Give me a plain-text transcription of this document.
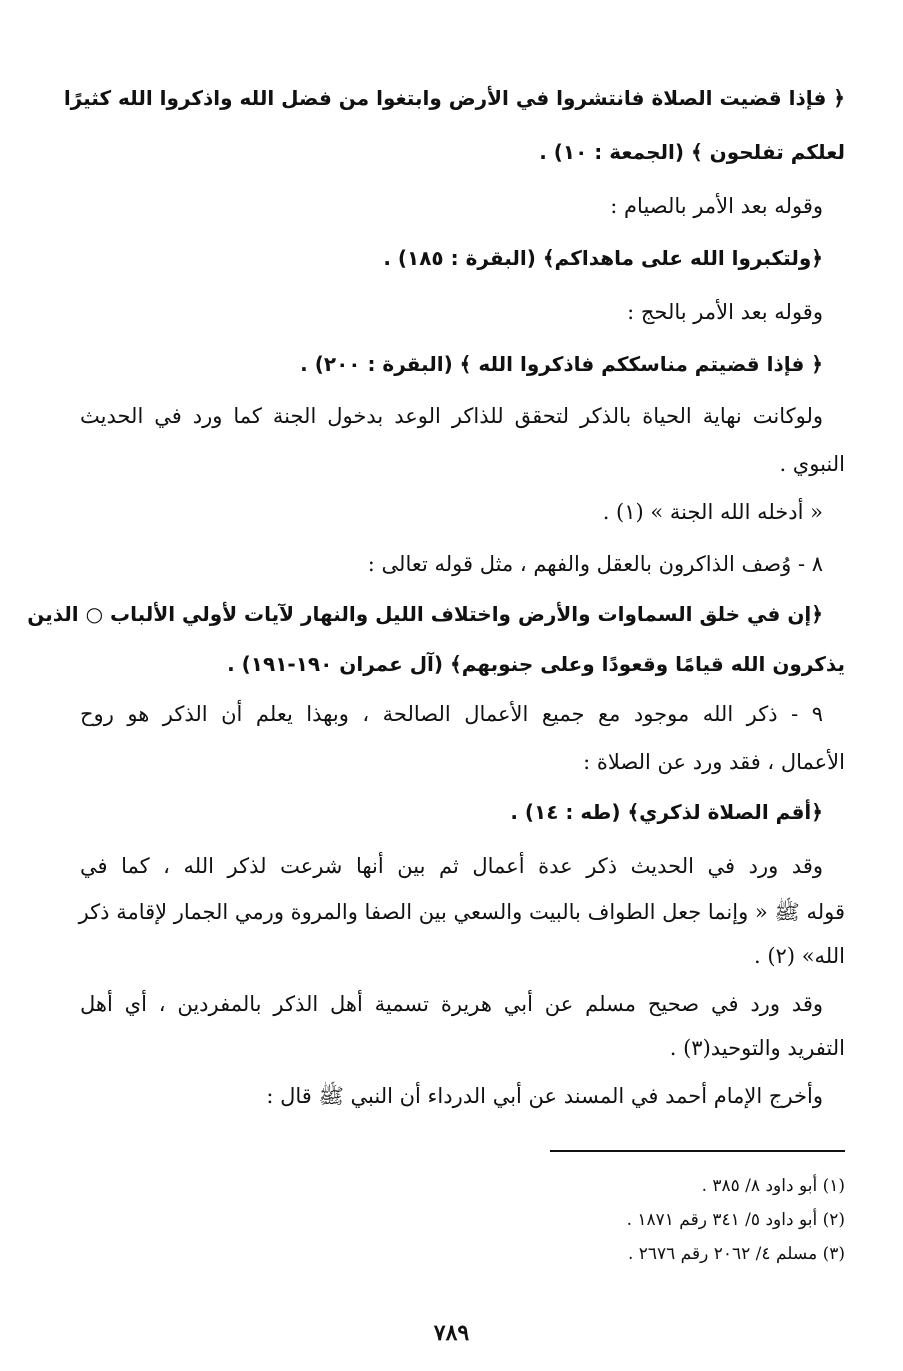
﴿ فإذا قضيت الصلاة فانتشروا في الأرض وابتغوا من فضل الله واذكروا الله كثيرًا
لعلكم تفلحون ﴾ (الجمعة : ١٠) .
وقوله بعد الأمر بالصيام :
﴿ولتكبروا الله على ماهداكم﴾ (البقرة : ١٨٥) .
وقوله بعد الأمر بالحج :
﴿ فإذا قضيتم مناسككم فاذكروا الله ﴾ (البقرة : ٢٠٠) .
ولوكانت نهاية الحياة بالذكر لتحقق للذاكر الوعد بدخول الجنة كما ورد في الحديث
النبوي .
« أدخله الله الجنة » (١) .
٨ - وُصف الذاكرون بالعقل والفهم ، مثل قوله تعالى :
﴿إن في خلق السماوات والأرض واختلاف الليل والنهار لآيات لأولي الألباب ○ الذين
يذكرون الله قيامًا وقعودًا وعلى جنوبهم﴾ (آل عمران ١٩٠-١٩١) .
٩ - ذكر الله موجود مع جميع الأعمال الصالحة ، وبهذا يعلم أن الذكر هو روح
الأعمال ، فقد ورد عن الصلاة :
﴿أقم الصلاة لذكري﴾ (طه : ١٤) .
وقد ورد في الحديث ذكر عدة أعمال ثم بين أنها شرعت لذكر الله ، كما في
قوله ﷺ « وإنما جعل الطواف بالبيت والسعي بين الصفا والمروة ورمي الجمار لإقامة ذكر
الله» (٢) .
وقد ورد في صحيح مسلم عن أبي هريرة تسمية أهل الذكر بالمفردين ، أي أهل
التفريد والتوحيد(٣) .
وأخرج الإمام أحمد في المسند عن أبي الدرداء أن النبي ﷺ قال :
(١) أبو داود ٨/ ٣٨٥ .
(٢) أبو داود ٥/ ٣٤١ رقم ١٨٧١ .
(٣) مسلم ٤/ ٢٠٦٢ رقم ٢٦٧٦ .
٧٨٩
